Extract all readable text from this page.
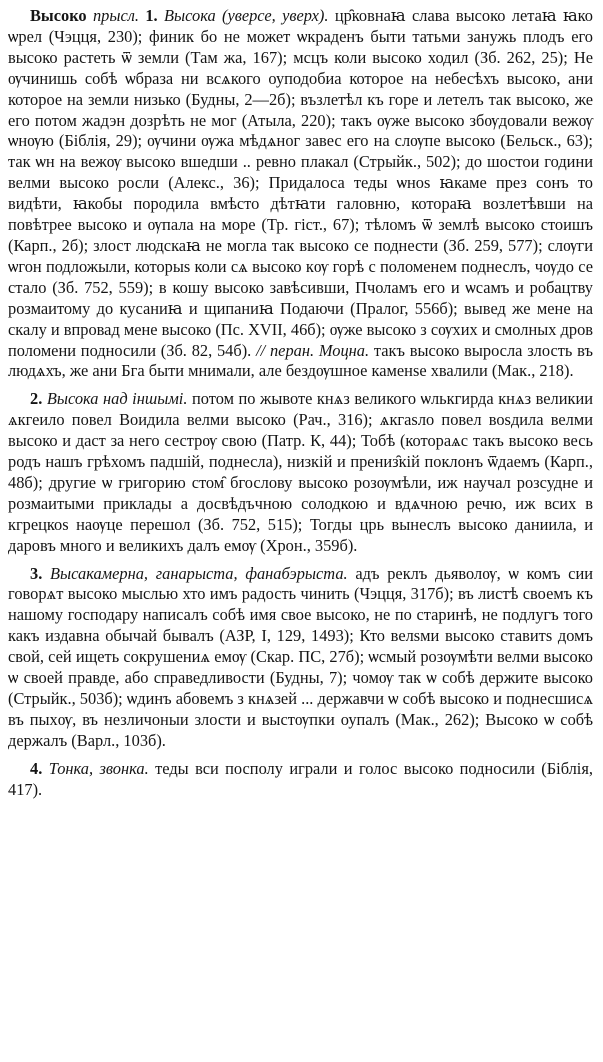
Высоко прысл. 1. Высока (уверсе, уверх). цр̑ковнаꙗ слава высоко летаꙗ ꙗко ѡрел (Чэцця, 230); финик бо не может ѡкраденъ быти татьми занужь плодъ его высоко растеть ѿ земли (Там жа, 167); мсцъ коли высоко ходил (Зб. 262, 25); Не ѹчинишь собѣ ѡбраза ни всѧкого оуподобиа которое на небесѣхъ высоко, ани которое на земли низько (Будны, 2—2б); възлетѣл къ горе и летелъ так высоко, же его потом жадэн дозрѣть не мог (Атыла, 220); такъ ѹже высоко збѹдовали вежѹ ѡнѹю (Біблія, 29); ѹчини ѹжа мѣдѧног завес его на слѹпе высоко (Бельск., 63); так ѡн на вежѹ высоко вшедши .. ревно плакал (Стрыйк., 502); до шостои години велми высоко росли (Алекс., 36); Придалоса теды ѡноѕ ꙗкаме през сонъ то видѣти, ꙗкобы породила вмѣсто дѣтꙗти галовню, котораꙗ возлетѣвши на повѣтрее высоко и ѹпала на море (Тр. гіст., 67); тѣломъ ѿ землѣ высоко стоишъ (Карп., 2б); злост людскаꙗ не могла так высоко се поднести (Зб. 259, 577); слѹги ѡгон подложыли, которыѕ коли сѧ высоко кѹ горѣ с поломенем поднеслъ, чѹдо се стало (Зб. 752, 559); в кошу высоко завѣсивши, Пчоламъ его и ѡсамъ и робацтву розмаитому до кусаниꙗ и щипаниꙗ Подаючи (Пралог, 556б); вывед же мене на скалу и впровад мене высоко (Пс. XVII, 46б); ѹже высоко з сѹхих и смолных дров поломени подносили (Зб. 82, 54б). // перан. Моцна. такъ высоко выросла злость въ людѧхъ, же ани Бга быти мнимали, але бездѹшное каменѕе хвалили (Мак., 218).

2. Высока над іншымі. потом по жывоте кнѧз великого ѡлькгирда кнѧз великии ѧкгеило повел Воидила велми высоко (Рач., 316); ѧкгаѕло повел воѕдила велми высоко и даст за него сестрѹ свою (Патр. К, 44); Тобѣ (котораѧс такъ высоко весь родъ нашъ грѣхомъ падшій, поднесла), низкій и прениз̑кій поклонъ ѿдаемъ (Карп., 48б); другие ѡ григорию стом̑ бгослову высоко розѹмѣли, иж научал розсудне и розмаитыми приклады а досвѣдъчною солодкою и вдѧчною речю, иж всих в кгрецкоѕ наѹце перешол (Зб. 752, 515); Тогды црь вынеслъ высоко даниила, и даровъ много и великихъ далъ емѹ (Хрон., 359б).

3. Высакамерна, ганарыста, фанабэрыста. адъ реклъ дьяволѹ, ѡ комъ сии говорѧт высоко мыслью хто имъ радость чинить (Чэцця, 317б); въ листѣ своемъ къ нашому господару написалъ собѣ имя свое высоко, не по старинѣ, не подлугъ того какъ издавна обычай бывалъ (АЗР, І, 129, 1493); Кто велѕми высоко ставитѕ домъ свой, сей ищеть сокрушениѧ емѹ (Скар. ПС, 27б); ѡсмый розѹмѣти велми высоко ѡ своей правде, або справедливости (Будны, 7); чомѹ так ѡ собѣ держите высоко (Стрыйк., 503б); ѡдинъ абовемъ з кнѧзей ... державчи ѡ собѣ высоко и поднесшисѧ въ пыхѹ, въ незличоныи злости и выстѹпки оупалъ (Мак., 262); Высоко ѡ собѣ держалъ (Варл., 103б).

4. Тонка, звонка. теды вси посполу играли и голос высоко подносили (Біблія, 417).
